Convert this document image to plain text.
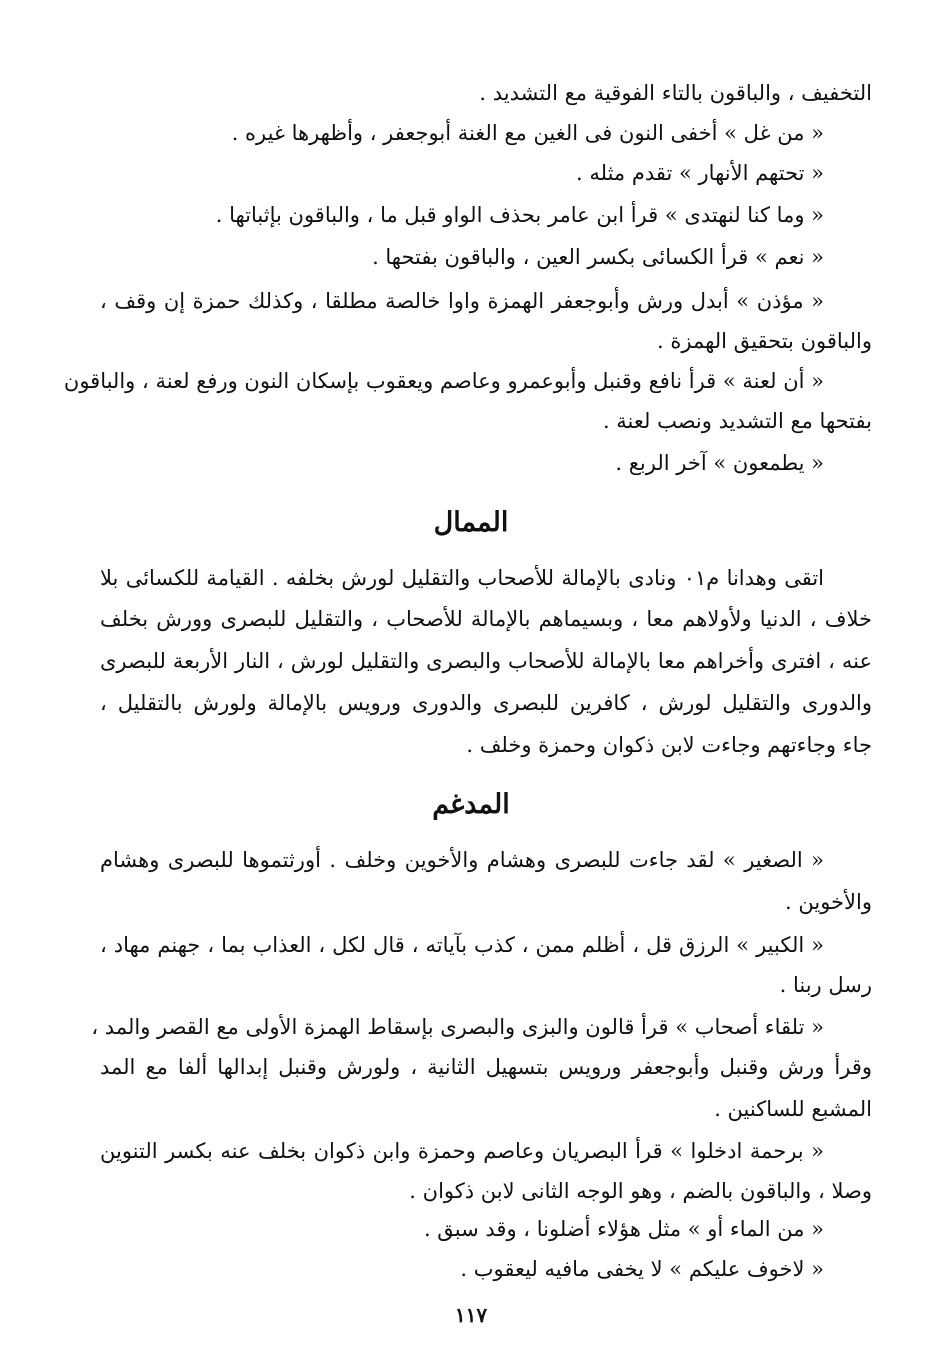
التخفيف ، والباقون بالتاء الفوقية مع التشديد .
« من غل » أخفى النون فى الغين مع الغنة أبوجعفر ، وأظهرها غيره .
« تحتهم الأنهار » تقدم مثله .
« وما كنا لنهتدى » قرأ ابن عامر بحذف الواو قبل ما ، والباقون بإثباتها .
« نعم » قرأ الكسائى بكسر العين ، والباقون بفتحها .
« مؤذن » أبدل ورش وأبوجعفر الهمزة واوا خالصة مطلقا ، وكذلك حمزة إن وقف ،
والباقون بتحقيق الهمزة .
« أن لعنة » قرأ نافع وقنبل وأبوعمرو وعاصم ويعقوب بإسكان النون ورفع لعنة ، والباقون
بفتحها مع التشديد ونصب لعنة .
« يطمعون » آخر الربع .
الممال
اتقى وهدانا م٠١ ونادى بالإمالة للأصحاب والتقليل لورش بخلفه . القيامة للكسائى بلا
خلاف ، الدنيا ولأولاهم معا ، وبسيماهم بالإمالة للأصحاب ، والتقليل للبصرى وورش بخلف
عنه ، افترى وأخراهم معا بالإمالة للأصحاب والبصرى والتقليل لورش ، النار الأربعة للبصرى
والدورى والتقليل لورش ، كافرين للبصرى والدورى ورويس بالإمالة ولورش بالتقليل ،
جاء وجاءتهم وجاءت لابن ذكوان وحمزة وخلف .
المدغم
« الصغير » لقد جاءت للبصرى وهشام والأخوين وخلف . أورثتموها للبصرى وهشام
والأخوين .
« الكبير » الرزق قل ، أظلم ممن ، كذب بآياته ، قال لكل ، العذاب بما ، جهنم مهاد ،
رسل ربنا .
« تلقاء أصحاب » قرأ قالون والبزى والبصرى بإسقاط الهمزة الأولى مع القصر والمد ،
وقرأ ورش وقنبل وأبوجعفر ورويس بتسهيل الثانية ، ولورش وقنبل إبدالها ألفا مع المد
المشبع للساكنين .
« برحمة ادخلوا » قرأ البصريان وعاصم وحمزة وابن ذكوان بخلف عنه بكسر التنوين
وصلا ، والباقون بالضم ، وهو الوجه الثانى لابن ذكوان .
« من الماء أو » مثل هؤلاء أضلونا ، وقد سبق .
« لاخوف عليكم » لا يخفى مافيه ليعقوب .
١١٧
